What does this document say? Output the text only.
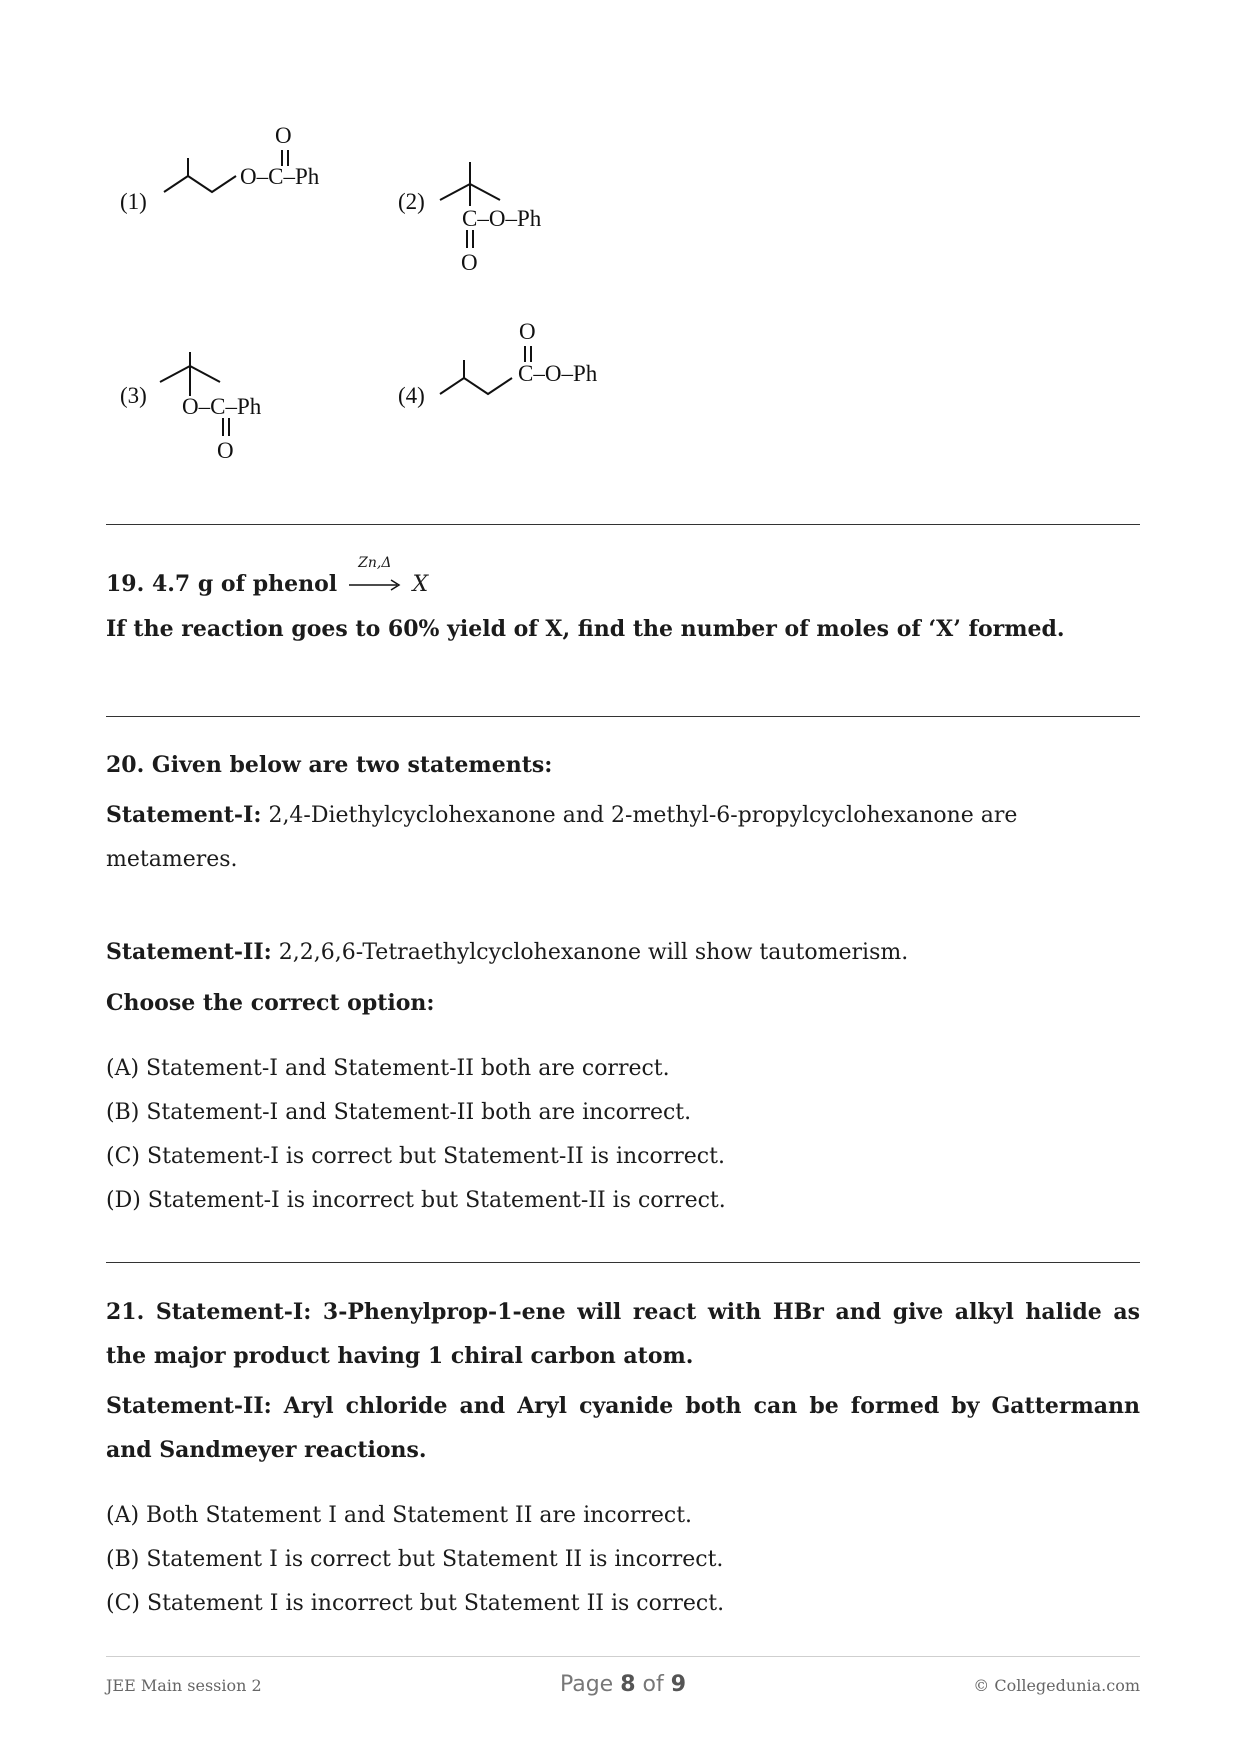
(1)
O
O–C–Ph
(2)
C–O–Ph
O
(3) O–C–Ph
O
(4)
O
C–O–Ph
19. 4.7 g of phenol
Zn,Δ
X
If the reaction goes to 60% yield of X, find the number of moles of ‘X’ formed.
20. Given below are two statements:
Statement-I: 2,4-Diethylcyclohexanone and 2-methyl-6-propylcyclohexanone are metameres.
Statement-II: 2,2,6,6-Tetraethylcyclohexanone will show tautomerism.
Choose the correct option:
(A) Statement-I and Statement-II both are correct.
(B) Statement-I and Statement-II both are incorrect.
(C) Statement-I is correct but Statement-II is incorrect.
(D) Statement-I is incorrect but Statement-II is correct.
21. Statement-I: 3-Phenylprop-1-ene will react with HBr and give alkyl halide as the major product having 1 chiral carbon atom.
Statement-II: Aryl chloride and Aryl cyanide both can be formed by Gattermann and Sandmeyer reactions.
(A) Both Statement I and Statement II are incorrect.
(B) Statement I is correct but Statement II is incorrect.
(C) Statement I is incorrect but Statement II is correct.
JEE Main session 2	Page 8 of 9	© Collegedunia.com
